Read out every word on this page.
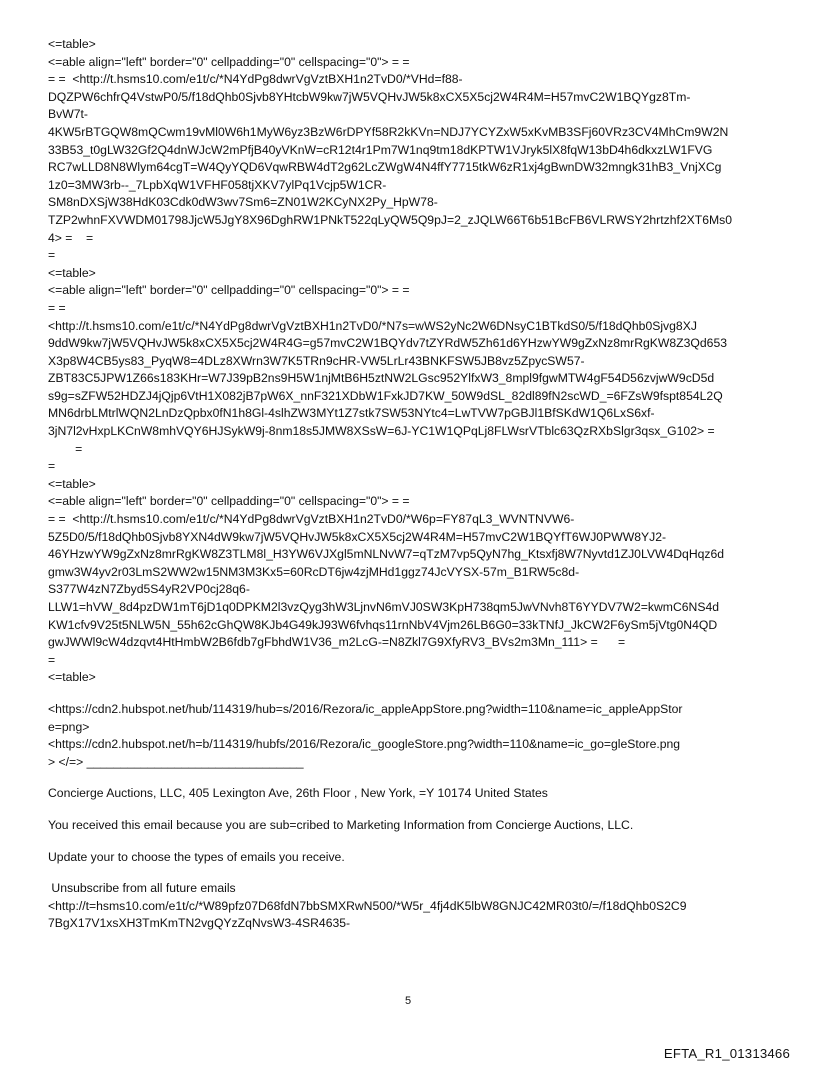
<=table>

<=able align="left" border="0" cellpadding="0" cellspacing="0"> = =

= =  <http://t.hsms10.com/e1t/c/*N4YdPg8dwrVgVztBXH1n2TvD0/*VHd=f88-

DQZPW6chfrQ4VstwP0/5/f18dQhb0Sjvb8YHtcbW9kw7jW5VQHvJW5k8xCX5X5cj2W4R4M=H57mvC2W1BQYgz8Tm-

BvW7t-

4KW5rBTGQW8mQCwm19vMl0W6h1MyW6yz3BzW6rDPYf58R2kKVn=NDJ7YCYZxW5xKvMB3SFj60VRz3CV4MhCm9W2N

33B53_t0gLW32Gf2Q4dnWJcW2mPfjB40yVKnW=cR12t4r1Pm7W1nq9tm18dKPTW1VJryk5lX8fqW13bD4h6dkxzLW1FVG

RC7wLLD8N8Wlym64cgT=W4QyYQD6VqwRBW4dT2g62LcZWgW4N4ffY7715tkW6zR1xj4gBwnDW32mngk31hB3_VnjXCg

1z0=3MW3rb--_7LpbXqW1VFHF058tjXKV7ylPq1Vcjp5W1CR-

SM8nDXSjW38HdK03Cdk0dW3wv7Sm6=ZN01W2KCyNX2Py_HpW78-

TZP2whnFXVWDM01798JjcW5JgY8X96DghRW1PNkT522qLyQW5Q9pJ=2_zJQLW66T6b51BcFB6VLRWSY2hrtzhf2XT6Ms0

4> =    =

=

<=table>

<=able align="left" border="0" cellpadding="0" cellspacing="0"> = =

= =

<http://t.hsms10.com/e1t/c/*N4YdPg8dwrVgVztBXH1n2TvD0/*N7s=wWS2yNc2W6DNsyC1BTkdS0/5/f18dQhb0Sjvg8XJ

9ddW9kw7jW5VQHvJW5k8xCX5X5cj2W4R4G=g57mvC2W1BQYdv7tZYRdW5Zh61d6YHzwYW9gZxNz8mrRgKW8Z3Qd653

X3p8W4CB5ys83_PyqW8=4DLz8XWrn3W7K5TRn9cHR-VW5LrLr43BNKFSW5JB8vz5ZpycSW57-

ZBT83C5JPW1Z66s183KHr=W7J39pB2ns9H5W1njMtB6H5ztNW2LGsc952YlfxW3_8mpl9fgwMTW4gF54D56zvjwW9cD5d

s9g=sZFW52HDZJ4jQjp6VtH1X082jB7pW6X_nnF321XDbW1FxkJD7KW_50W9dSL_82dl89fN2scWD_=6FZsW9fspt854L2Q

MN6drbLMtrlWQN2LnDzQpbx0fN1h8Gl-4slhZW3MYt1Z7stk7SW53NYtc4=LwTVW7pGBJl1BfSKdW1Q6LxS6xf-

3jN7l2vHxpLKCnW8mhVQY6HJSykW9j-8nm18s5JMW8XSsW=6J-YC1W1QPqLj8FLWsrVTblc63QzRXbSlgr3qsx_G102> =

=

=

<=table>

<=able align="left" border="0" cellpadding="0" cellspacing="0"> = =

= =  <http://t.hsms10.com/e1t/c/*N4YdPg8dwrVgVztBXH1n2TvD0/*W6p=FY87qL3_WVNTNVW6-

5Z5D0/5/f18dQhb0Sjvb8YXN4dW9kw7jW5VQHvJW5k8xCX5X5cj2W4R4M=H57mvC2W1BQYfT6WJ0PWW8YJ2-

46YHzwYW9gZxNz8mrRgKW8Z3TLM8l_H3YW6VJXgl5mNLNvW7=qTzM7vp5QyN7hg_Ktsxfj8W7Nyvtd1ZJ0LVW4DqHqz6d

gmw3W4yv2r03LmS2WW2w15NM3M3Kx5=60RcDT6jw4zjMHd1ggz74JcVYSX-57m_B1RW5c8d-

S377W4zN7Zbyd5S4yR2VP0cj28q6-

LLW1=hVW_8d4pzDW1mT6jD1q0DPKM2l3vzQyg3hW3LjnvN6mVJ0SW3KpH738qm5JwVNvh8T6YYDV7W2=kwmC6NS4d

KW1cfv9V25t5NLW5N_55h62cGhQW8KJb4G49kJ93W6fvhqs11rnNbV4Vjm26LB6G0=33kTNfJ_JkCW2F6ySm5jVtg0N4QD

gwJWWl9cW4dzqvt4HtHmbW2B6fdb7gFbhdW1V36_m2LcG-=N8Zkl7G9XfyRV3_BVs2m3Mn_111> =      =

=

<=table>

<https://cdn2.hubspot.net/hub/114319/hub=s/2016/Rezora/ic_appleAppStore.png?width=110&name=ic_appleAppStor

e=png>

<https://cdn2.hubspot.net/h=b/114319/hubfs/2016/Rezora/ic_googleStore.png?width=110&name=ic_go=gleStore.png

> </=> ________________________________

Concierge Auctions, LLC, 405 Lexington Ave, 26th Floor , New York, =Y 10174 United States

You received this email because you are sub=cribed to Marketing Information from Concierge Auctions, LLC.

Update your to choose the types of emails you receive.

Unsubscribe from all future emails

<http://t=hsms10.com/e1t/c/*W89pfz07D68fdN7bbSMXRwN500/*W5r_4fj4dK5lbW8GNJC42MR03t0/=/f18dQhb0S2C9

7BgX17V1xsXH3TmKmTN2vgQYzZqNvsW3-4SR4635-

5
EFTA_R1_01313466
